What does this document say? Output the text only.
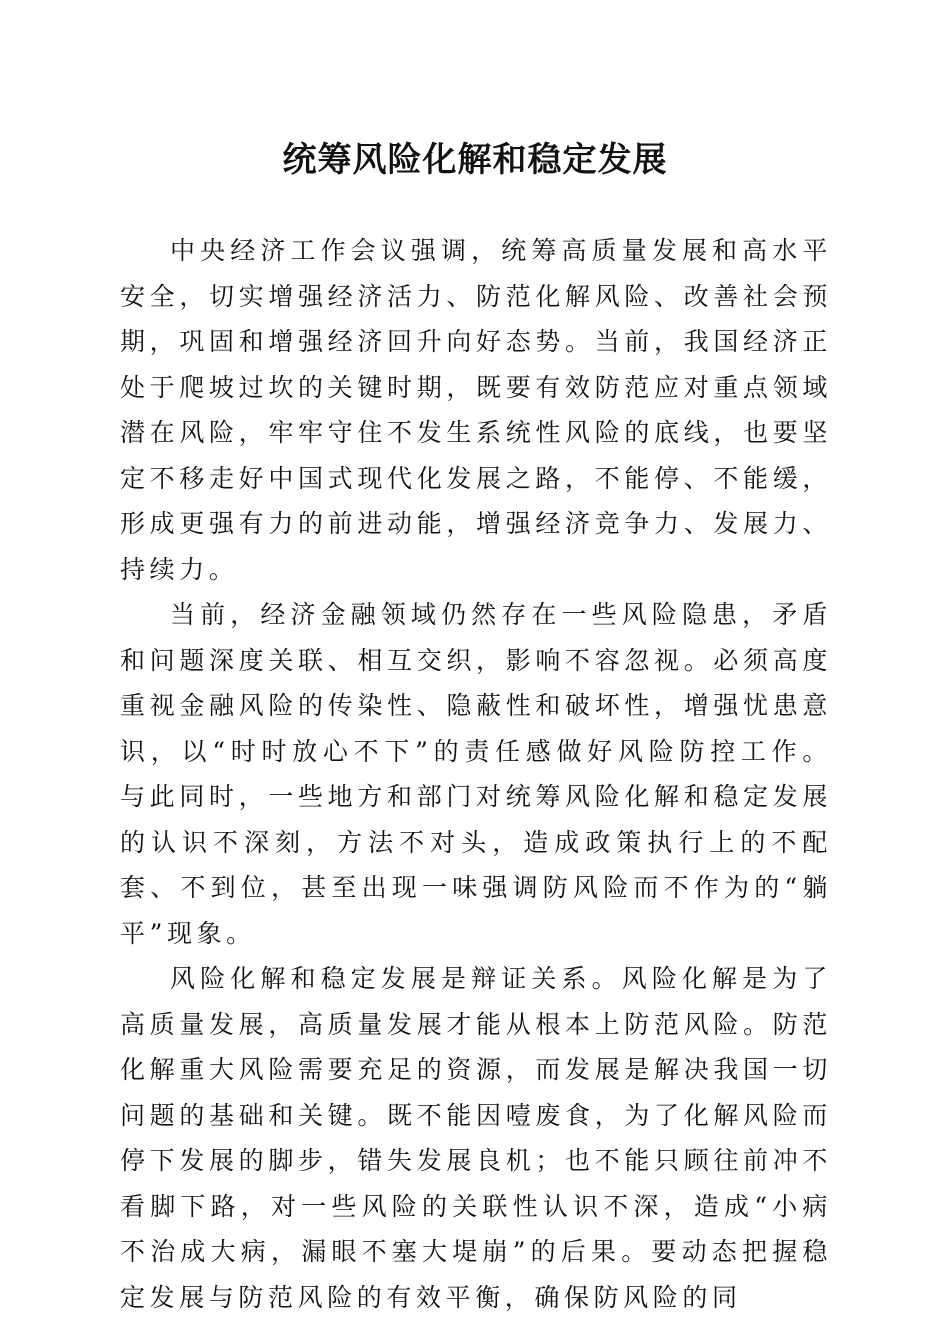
统筹风险化解和稳定发展

中央经济工作会议强调，统筹高质量发展和高水平安全，切实增强经济活力、防范化解风险、改善社会预期，巩固和增强经济回升向好态势。当前，我国经济正处于爬坡过坎的关键时期，既要有效防范应对重点领域潜在风险，牢牢守住不发生系统性风险的底线，也要坚定不移走好中国式现代化发展之路，不能停、不能缓，形成更强有力的前进动能，增强经济竞争力、发展力、持续力。

当前，经济金融领域仍然存在一些风险隐患，矛盾和问题深度关联、相互交织，影响不容忽视。必须高度重视金融风险的传染性、隐蔽性和破坏性，增强忧患意识，以“时时放心不下”的责任感做好风险防控工作。与此同时，一些地方和部门对统筹风险化解和稳定发展的认识不深刻，方法不对头，造成政策执行上的不配套、不到位，甚至出现一味强调防风险而不作为的“躺平”现象。

风险化解和稳定发展是辩证关系。风险化解是为了高质量发展，高质量发展才能从根本上防范风险。防范化解重大风险需要充足的资源，而发展是解决我国一切问题的基础和关键。既不能因噎废食，为了化解风险而停下发展的脚步，错失发展良机；也不能只顾往前冲不看脚下路，对一些风险的关联性认识不深，造成“小病不治成大病，漏眼不塞大堤崩”的后果。要动态把握稳定发展与防范风险的有效平衡，确保防风险的同
